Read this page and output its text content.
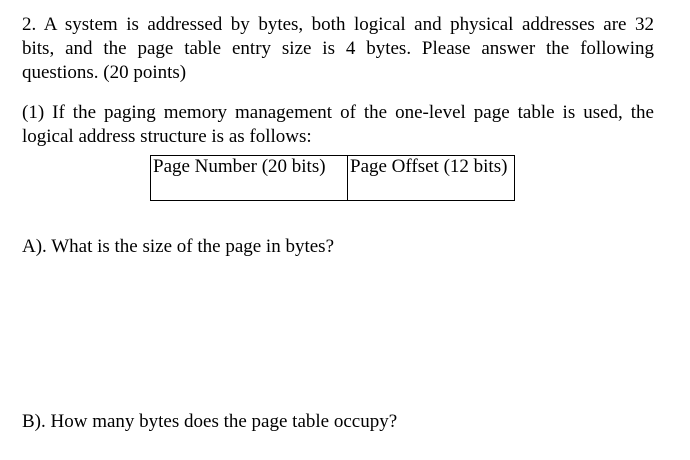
2. A system is addressed by bytes, both logical and physical addresses are 32
bits, and the page table entry size is 4 bytes. Please answer the following
questions. (20 points)
(1) If the paging memory management of the one-level page table is used, the
logical address structure is as follows:
Page Number (20 bits)	Page Offset (12 bits)

A). What is the size of the page in bytes?

B). How many bytes does the page table occupy?
